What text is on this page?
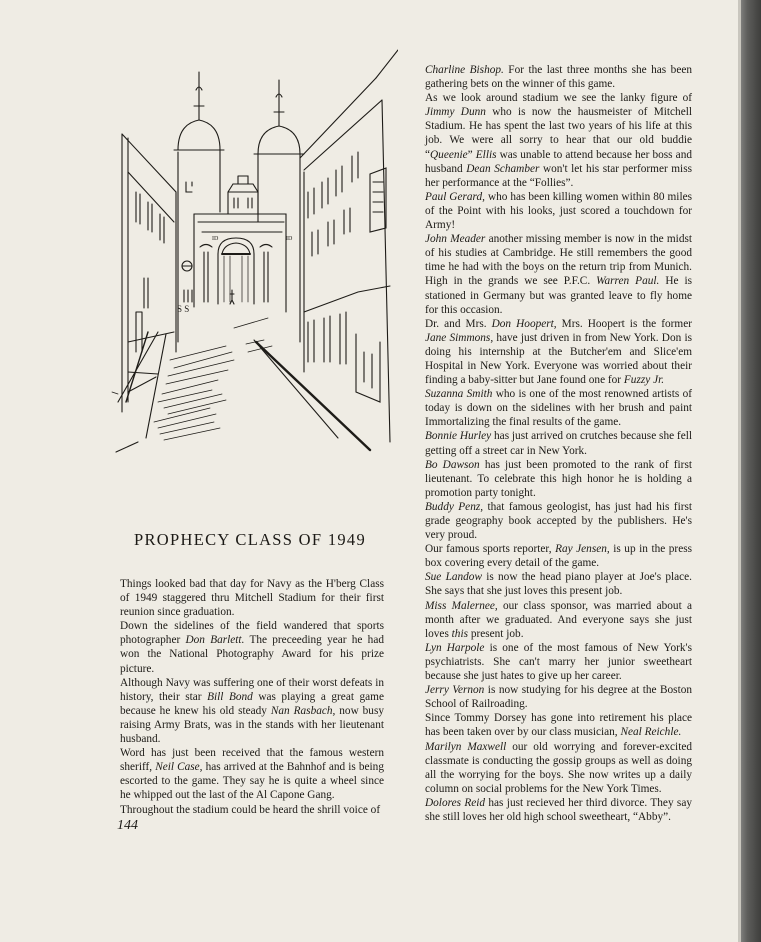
ID
ID
S S
PROPHECY CLASS OF 1949

Things looked bad that day for Navy as the H'berg Class of 1949 staggered thru Mitchell Stadium for their first reunion since graduation.

Down the sidelines of the field wandered that sports photographer Don Barlett. The preceeding year he had won the National Photography Award for his prize picture.

Although Navy was suffering one of their worst defeats in history, their star Bill Bond was playing a great game because he knew his old steady Nan Rasbach, now busy raising Army Brats, was in the stands with her lieutenant husband.

Word has just been received that the famous western sheriff, Neil Case, has arrived at the Bahnhof and is being escorted to the game. They say he is quite a wheel since he whipped out the last of the Al Capone Gang.

Throughout the stadium could be heard the shrill voice of

Charline Bishop. For the last three months she has been gathering bets on the winner of this game.

As we look around stadium we see the lanky figure of Jimmy Dunn who is now the hausmeister of Mitchell Stadium. He has spent the last two years of his life at this job. We were all sorry to hear that our old buddie “Queenie” Ellis was unable to attend because her boss and husband Dean Schamber won't let his star performer miss her performance at the “Follies”.

Paul Gerard, who has been killing women within 80 miles of the Point with his looks, just scored a touchdown for Army!

John Meader another missing member is now in the midst of his studies at Cambridge. He still remembers the good time he had with the boys on the return trip from Munich. High in the grands we see P.F.C. Warren Paul. He is stationed in Germany but was granted leave to fly home for this occasion.

Dr. and Mrs. Don Hoopert, Mrs. Hoopert is the former Jane Simmons, have just driven in from New York. Don is doing his internship at the Butcher'em and Slice'em Hospital in New York. Everyone was worried about their finding a baby-sitter but Jane found one for Fuzzy Jr.

Suzanna Smith who is one of the most renowned artists of today is down on the sidelines with her brush and paint Immortalizing the final results of the game.

Bonnie Hurley has just arrived on crutches because she fell getting off a street car in New York.

Bo Dawson has just been promoted to the rank of first lieutenant. To celebrate this high honor he is holding a promotion party tonight.

Buddy Penz, that famous geologist, has just had his first grade geography book accepted by the publishers. He's very proud.

Our famous sports reporter, Ray Jensen, is up in the press box covering every detail of the game.

Sue Landow is now the head piano player at Joe's place. She says that she just loves this present job.

Miss Malernee, our class sponsor, was married about a month after we graduated. And everyone says she just loves this present job.

Lyn Harpole is one of the most famous of New York's psychiatrists. She can't marry her junior sweetheart because she just hates to give up her career.

Jerry Vernon is now studying for his degree at the Boston School of Railroading.

Since Tommy Dorsey has gone into retirement his place has been taken over by our class musician, Neal Reichle.

Marilyn Maxwell our old worrying and forever-excited classmate is conducting the gossip groups as well as doing all the worrying for the boys. She now writes up a daily column on social problems for the New York Times.

Dolores Reid has just recieved her third divorce. They say she still loves her old high school sweetheart, “Abby”.

144
